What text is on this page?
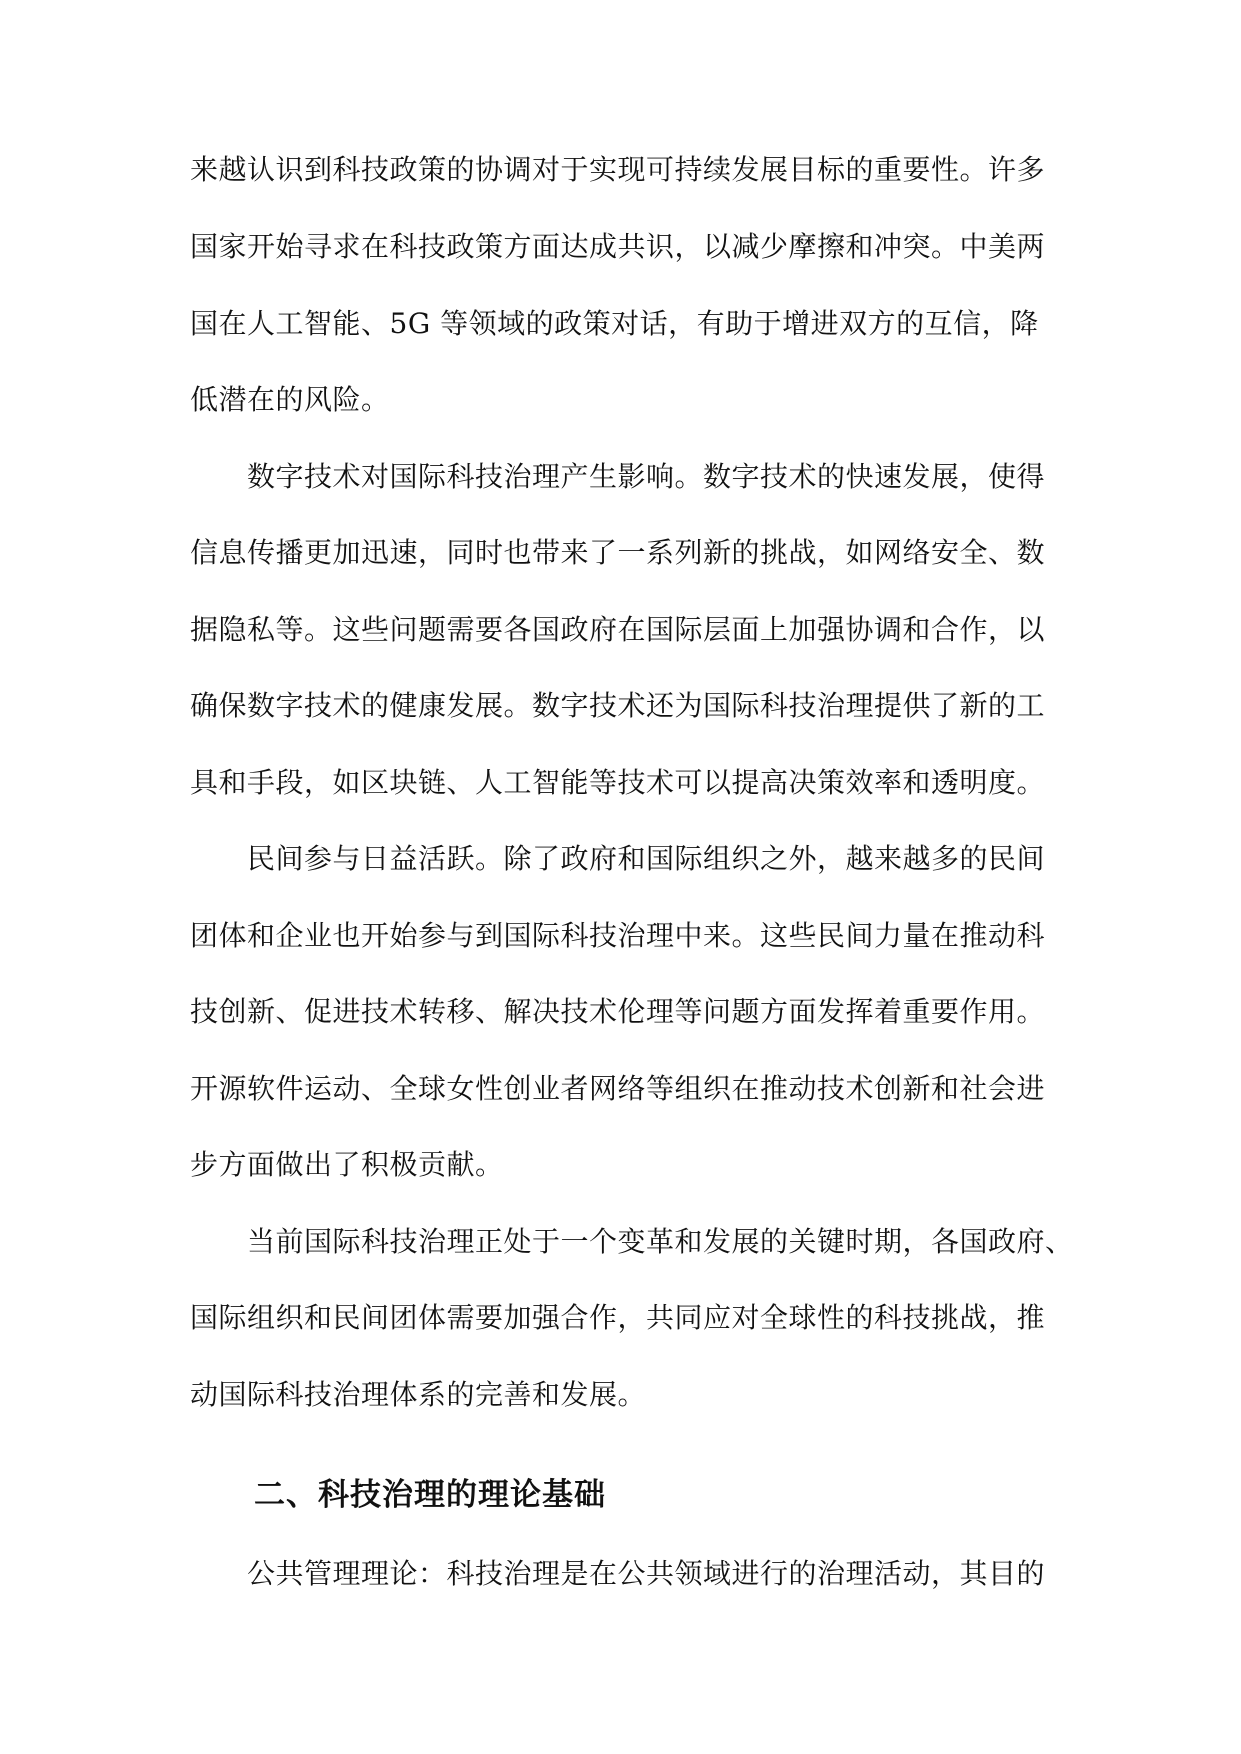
来越认识到科技政策的协调对于实现可持续发展目标的重要性。许多
国家开始寻求在科技政策方面达成共识，以减少摩擦和冲突。中美两
国在人工智能、5G 等领域的政策对话，有助于增进双方的互信，降
低潜在的风险。
数字技术对国际科技治理产生影响。数字技术的快速发展，使得
信息传播更加迅速，同时也带来了一系列新的挑战，如网络安全、数
据隐私等。这些问题需要各国政府在国际层面上加强协调和合作，以
确保数字技术的健康发展。数字技术还为国际科技治理提供了新的工
具和手段，如区块链、人工智能等技术可以提高决策效率和透明度。
民间参与日益活跃。除了政府和国际组织之外，越来越多的民间
团体和企业也开始参与到国际科技治理中来。这些民间力量在推动科
技创新、促进技术转移、解决技术伦理等问题方面发挥着重要作用。
开源软件运动、全球女性创业者网络等组织在推动技术创新和社会进
步方面做出了积极贡献。
当前国际科技治理正处于一个变革和发展的关键时期，各国政府、
国际组织和民间团体需要加强合作，共同应对全球性的科技挑战，推
动国际科技治理体系的完善和发展。
二、科技治理的理论基础
公共管理理论：科技治理是在公共领域进行的治理活动，其目的
